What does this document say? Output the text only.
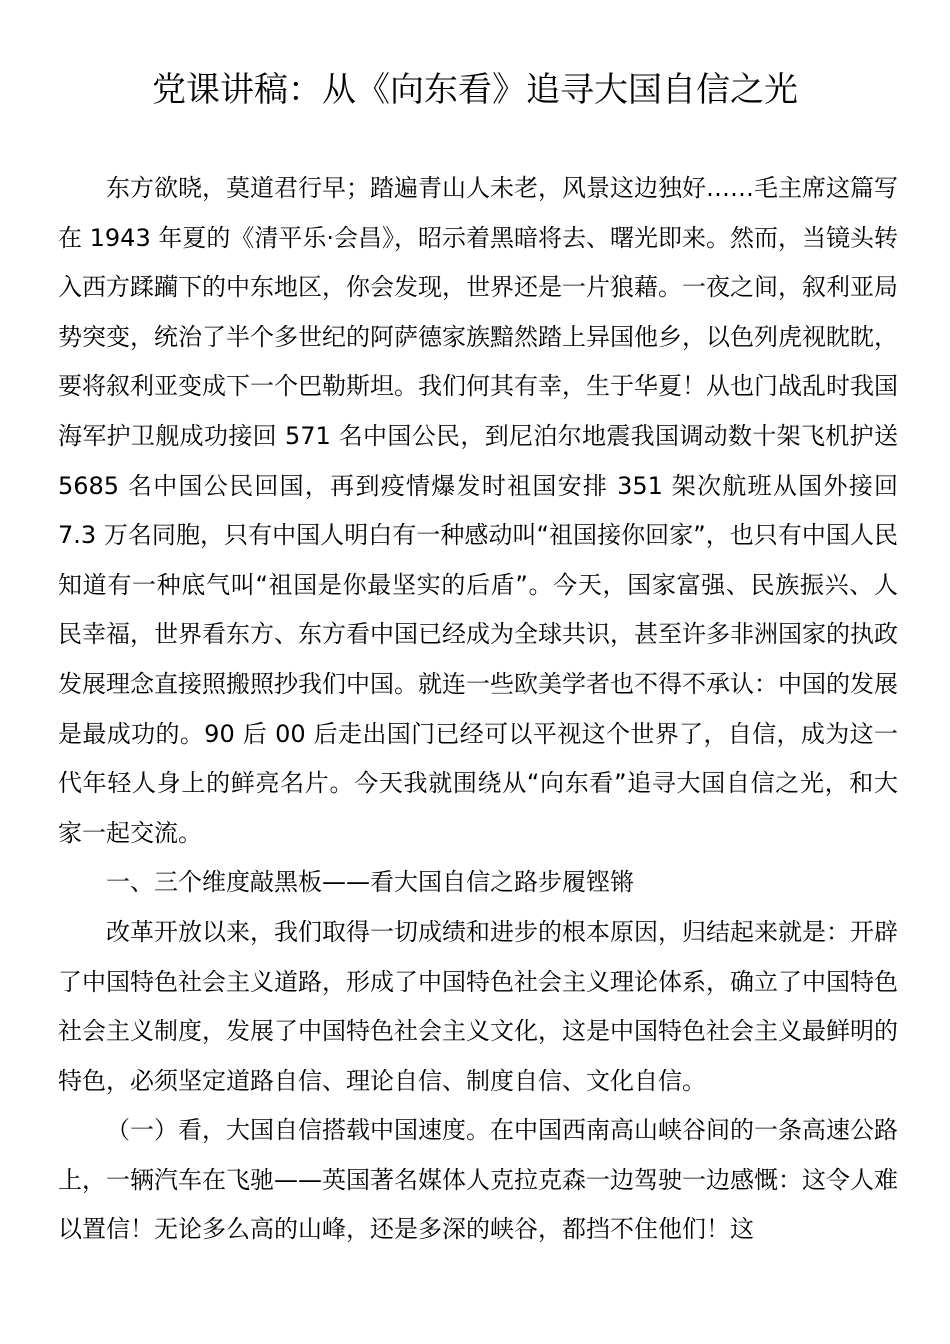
党课讲稿：从《向东看》追寻大国自信之光

东方欲晓，莫道君行早；踏遍青山人未老，风景这边独好……毛主席这篇写在 1943 年夏的《清平乐·会昌》，昭示着黑暗将去、曙光即来。然而，当镜头转入西方蹂躏下的中东地区，你会发现，世界还是一片狼藉。一夜之间，叙利亚局势突变，统治了半个多世纪的阿萨德家族黯然踏上异国他乡，以色列虎视眈眈，要将叙利亚变成下一个巴勒斯坦。我们何其有幸，生于华夏！从也门战乱时我国海军护卫舰成功接回 571 名中国公民，到尼泊尔地震我国调动数十架飞机护送 5685 名中国公民回国，再到疫情爆发时祖国安排 351 架次航班从国外接回 7.3 万名同胞，只有中国人明白有一种感动叫“祖国接你回家”，也只有中国人民知道有一种底气叫“祖国是你最坚实的后盾”。今天，国家富强、民族振兴、人民幸福，世界看东方、东方看中国已经成为全球共识，甚至许多非洲国家的执政发展理念直接照搬照抄我们中国。就连一些欧美学者也不得不承认：中国的发展是最成功的。90 后 00 后走出国门已经可以平视这个世界了，自信，成为这一代年轻人身上的鲜亮名片。今天我就围绕从“向东看”追寻大国自信之光，和大家一起交流。

一、三个维度敲黑板——看大国自信之路步履铿锵

改革开放以来，我们取得一切成绩和进步的根本原因，归结起来就是：开辟了中国特色社会主义道路，形成了中国特色社会主义理论体系，确立了中国特色社会主义制度，发展了中国特色社会主义文化，这是中国特色社会主义最鲜明的特色，必须坚定道路自信、理论自信、制度自信、文化自信。

（一）看，大国自信搭载中国速度。在中国西南高山峡谷间的一条高速公路上，一辆汽车在飞驰——英国著名媒体人克拉克森一边驾驶一边感慨：这令人难以置信！无论多么高的山峰，还是多深的峡谷，都挡不住他们！这
